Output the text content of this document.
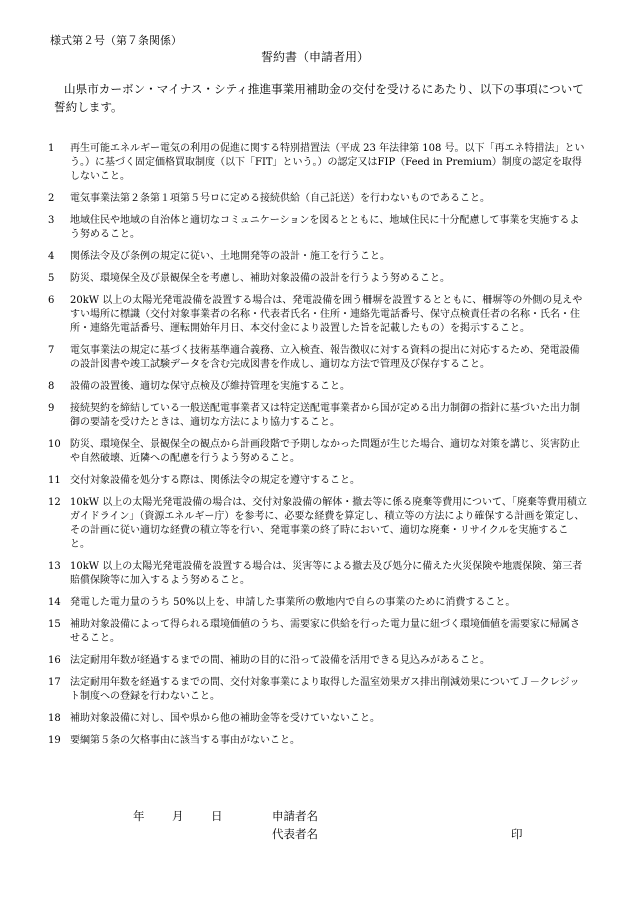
様式第２号（第７条関係）
誓約書（申請者用）
山県市カーボン・マイナス・シティ推進事業用補助金の交付を受けるにあたり、以下の事項について誓約します。
1	再生可能エネルギー電気の利用の促進に関する特別措置法（平成 23 年法律第 108 号。以下「再エネ特措法」という。）に基づく固定価格買取制度（以下「FIT」という。）の認定又はFIP（Feed in Premium）制度の認定を取得しないこと。
2	電気事業法第２条第１項第５号ロに定める接続供給（自己託送）を行わないものであること。
3	地域住民や地域の自治体と適切なコミュニケーションを図るとともに、地域住民に十分配慮して事業を実施するよう努めること。
4	関係法令及び条例の規定に従い、土地開発等の設計・施工を行うこと。
5	防災、環境保全及び景観保全を考慮し、補助対象設備の設計を行うよう努めること。
6	20kW 以上の太陽光発電設備を設置する場合は、発電設備を囲う柵塀を設置するとともに、柵塀等の外側の見えやすい場所に標識（交付対象事業者の名称・代表者氏名・住所・連絡先電話番号、保守点検責任者の名称・氏名・住所・連絡先電話番号、運転開始年月日、本交付金により設置した旨を記載したもの）を掲示すること。
7	電気事業法の規定に基づく技術基準適合義務、立入検査、報告徴収に対する資料の提出に対応するため、発電設備の設計図書や竣工試験データを含む完成図書を作成し、適切な方法で管理及び保存すること。
8	設備の設置後、適切な保守点検及び維持管理を実施すること。
9	接続契約を締結している一般送配電事業者又は特定送配電事業者から国が定める出力制御の指針に基づいた出力制御の要請を受けたときは、適切な方法により協力すること。
10 防災、環境保全、景観保全の観点から計画段階で予期しなかった問題が生じた場合、適切な対策を講じ、災害防止や自然破壊、近隣への配慮を行うよう努めること。
11 交付対象設備を処分する際は、関係法令の規定を遵守すること。
12 10kW 以上の太陽光発電設備の場合は、交付対象設備の解体・撤去等に係る廃棄等費用について、「廃棄等費用積立ガイドライン」（資源エネルギー庁）を参考に、必要な経費を算定し、積立等の方法により確保する計画を策定し、その計画に従い適切な経費の積立等を行い、発電事業の終了時において、適切な廃棄・リサイクルを実施すること。
13 10kW 以上の太陽光発電設備を設置する場合は、災害等による撤去及び処分に備えた火災保険や地震保険、第三者賠償保険等に加入するよう努めること。
14 発電した電力量のうち 50%以上を、申請した事業所の敷地内で自らの事業のために消費すること。
15 補助対象設備によって得られる環境価値のうち、需要家に供給を行った電力量に紐づく環境価値を需要家に帰属させること。
16 法定耐用年数が経過するまでの間、補助の目的に沿って設備を活用できる見込みがあること。
17 法定耐用年数を経過するまでの間、交付対象事業により取得した温室効果ガス排出削減効果についてＪ－クレジット制度への登録を行わないこと。
18 補助対象設備に対し、国や県から他の補助金等を受けていないこと。
19 要綱第５条の欠格事由に該当する事由がないこと。
年 月 日	申請者名
代表者名	印
